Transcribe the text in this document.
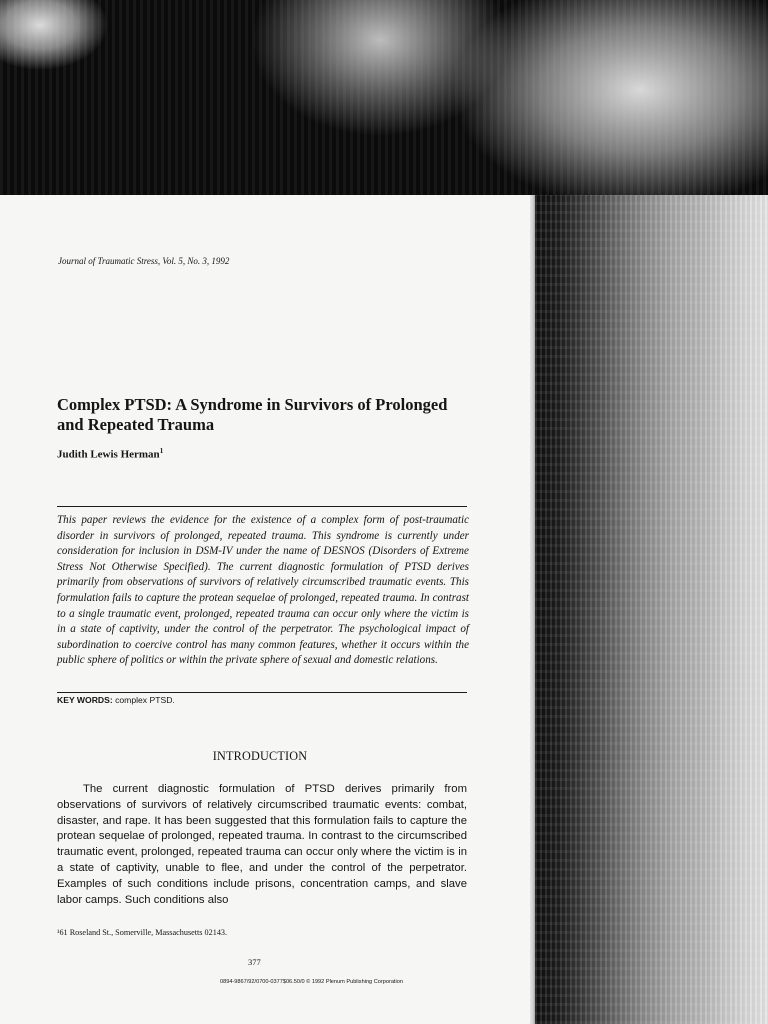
Journal of Traumatic Stress, Vol. 5, No. 3, 1992
Complex PTSD: A Syndrome in Survivors of Prolonged and Repeated Trauma
Judith Lewis Herman$^1$

This paper reviews the evidence for the existence of a complex form of post-traumatic disorder in survivors of prolonged, repeated trauma. This syndrome is currently under consideration for inclusion in DSM-IV under the name of DESNOS (Disorders of Extreme Stress Not Otherwise Specified). The current diagnostic formulation of PTSD derives primarily from observations of survivors of relatively circumscribed traumatic events. This formulation fails to capture the protean sequelae of prolonged, repeated trauma. In contrast to a single traumatic event, prolonged, repeated trauma can occur only where the victim is in a state of captivity, under the control of the perpetrator. The psychological impact of subordination to coercive control has many common features, whether it occurs within the public sphere of politics or within the private sphere of sexual and domestic relations.

KEY WORDS: complex PTSD.
INTRODUCTION

The current diagnostic formulation of PTSD derives primarily from observations of survivors of relatively circumscribed traumatic events: combat, disaster, and rape. It has been suggested that this formulation fails to capture the protean sequelae of prolonged, repeated trauma. In contrast to the circumscribed traumatic event, prolonged, repeated trauma can occur only where the victim is in a state of captivity, unable to flee, and under the control of the perpetrator. Examples of such conditions include prisons, concentration camps, and slave labor camps. Such conditions also

¹61 Roseland St., Somerville, Massachusetts 02143.
377
0894-9867/92/0700-0377$06.50/0 © 1992 Plenum Publishing Corporation
